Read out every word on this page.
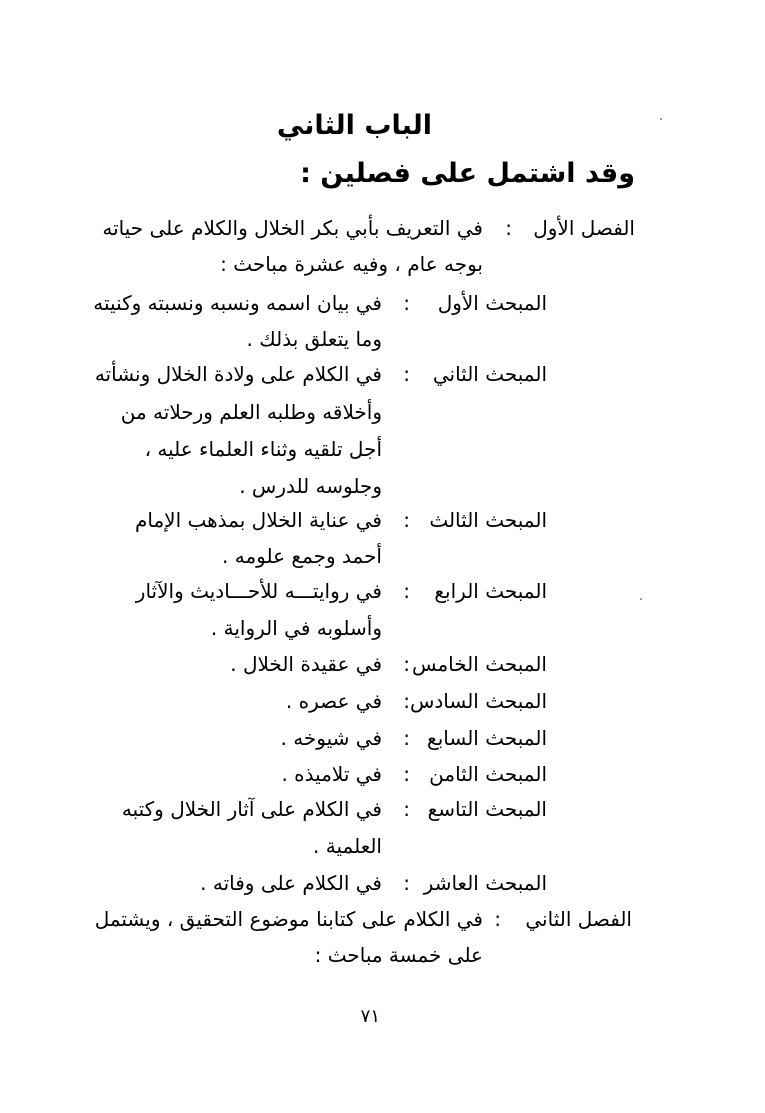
الباب الثاني
وقد اشتمل على فصلين :
الفصل الأول
:
في التعريف بأبي بكر الخلال والكلام على حياته
بوجه عام ، وفيه عشرة مباحث :
المبحث الأول
:
في بيان اسمه ونسبه ونسبته وكنيته
وما يتعلق بذلك .
المبحث الثاني
:
في الكلام على ولادة الخلال ونشأته
وأخلاقه وطلبه العلم ورحلاته من
أجل تلقيه وثناء العلماء عليه ،
وجلوسه للدرس .
المبحث الثالث
:
في عناية الخلال بمذهب الإمام
أحمد وجمع علومه .
المبحث الرابع
:
في روايتـــه للأحـــاديث والآثار
وأسلوبه في الرواية .
المبحث الخامس
:
في عقيدة الخلال .
المبحث السادس
:
في عصره .
المبحث السابع
:
في شيوخه .
المبحث الثامن
:
في تلاميذه .
المبحث التاسع
:
في الكلام على آثار الخلال وكتبه
العلمية .
المبحث العاشر
:
في الكلام على وفاته .
الفصل الثاني
:
في الكلام على كتابنا موضوع التحقيق ، ويشتمل
على خمسة مباحث :
٧١
